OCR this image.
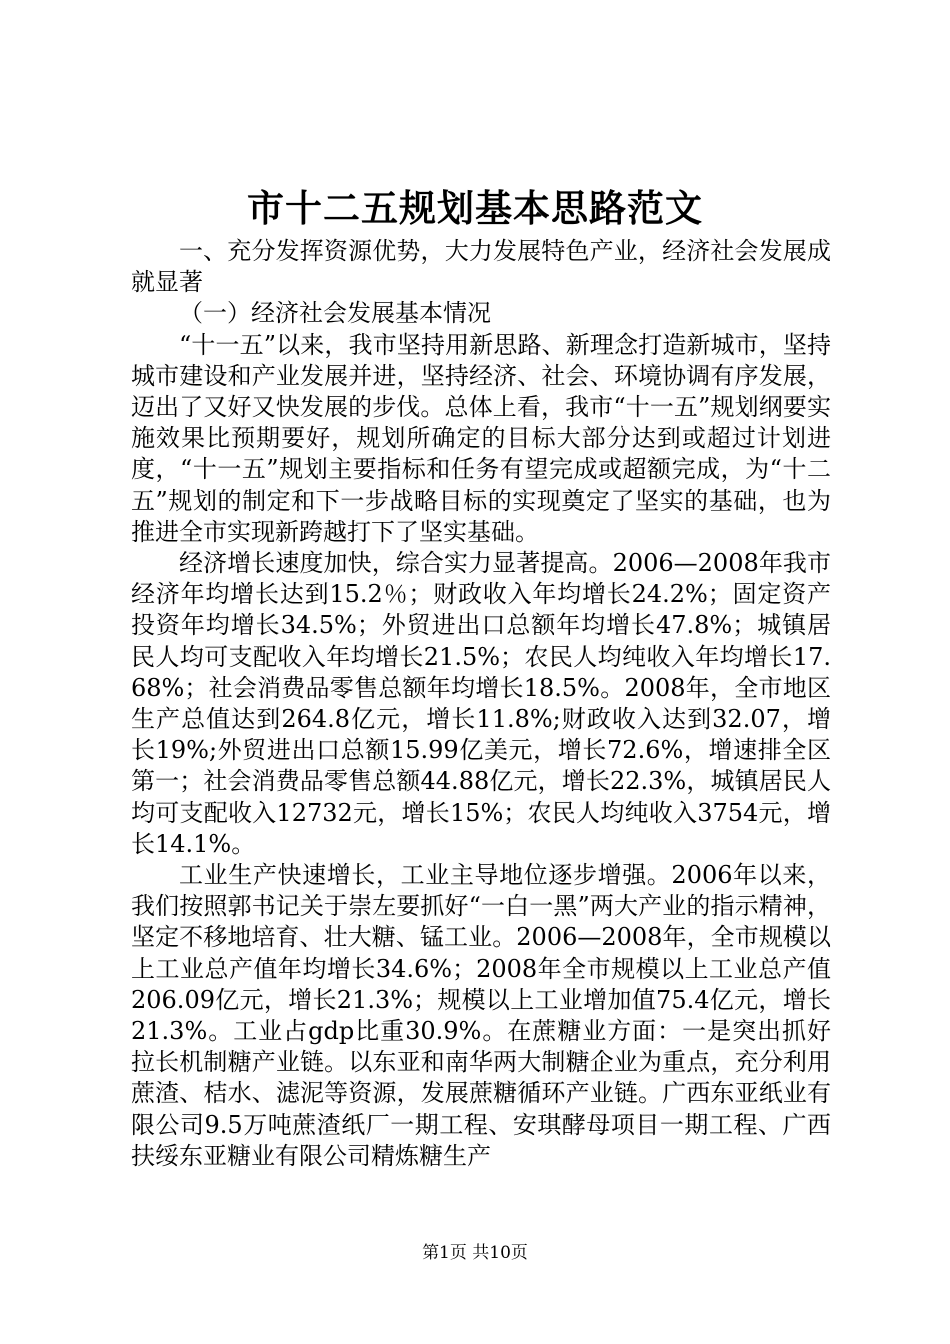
市十二五规划基本思路范文

一、充分发挥资源优势，大力发展特色产业，经济社会发展成就显著

（一）经济社会发展基本情况

“十一五”以来，我市坚持用新思路、新理念打造新城市，坚持城市建设和产业发展并进，坚持经济、社会、环境协调有序发展，迈出了又好又快发展的步伐。总体上看，我市“十一五”规划纲要实施效果比预期要好，规划所确定的目标大部分达到或超过计划进度，“十一五”规划主要指标和任务有望完成或超额完成，为“十二五”规划的制定和下一步战略目标的实现奠定了坚实的基础，也为推进全市实现新跨越打下了坚实基础。

经济增长速度加快，综合实力显著提高。2006—2008年我市经济年均增长达到15.2％；财政收入年均增长24.2%；固定资产投资年均增长34.5%；外贸进出口总额年均增长47.8%；城镇居民人均可支配收入年均增长21.5%；农民人均纯收入年均增长17.68%；社会消费品零售总额年均增长18.5%。2008年，全市地区生产总值达到264.8亿元，增长11.8%;财政收入达到32.07，增长19%;外贸进出口总额15.99亿美元，增长72.6%，增速排全区第一；社会消费品零售总额44.88亿元，增长22.3%，城镇居民人均可支配收入12732元，增长15%；农民人均纯收入3754元，增长14.1%。

工业生产快速增长，工业主导地位逐步增强。2006年以来，我们按照郭书记关于崇左要抓好“一白一黑”两大产业的指示精神，坚定不移地培育、壮大糖、锰工业。2006—2008年，全市规模以上工业总产值年均增长34.6%；2008年全市规模以上工业总产值206.09亿元，增长21.3%；规模以上工业增加值75.4亿元，增长21.3%。工业占gdp比重30.9%。在蔗糖业方面：一是突出抓好拉长机制糖产业链。以东亚和南华两大制糖企业为重点，充分利用蔗渣、桔水、滤泥等资源，发展蔗糖循环产业链。广西东亚纸业有限公司9.5万吨蔗渣纸厂一期工程、安琪酵母项目一期工程、广西扶绥东亚糖业有限公司精炼糖生产

第1页 共10页
